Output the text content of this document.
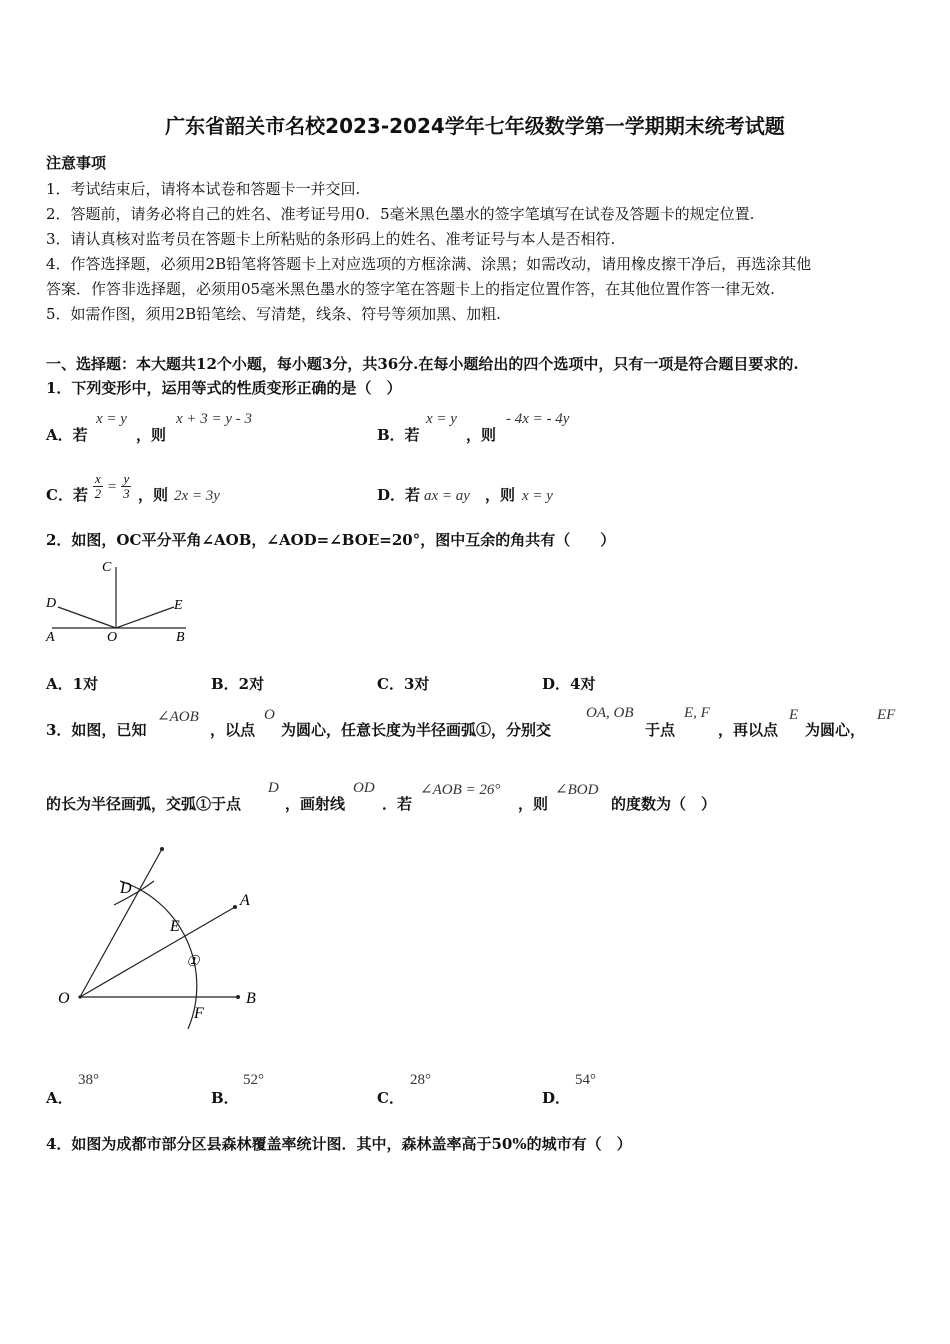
广东省韶关市名校2023-2024学年七年级数学第一学期期末统考试题
注意事项
1．考试结束后，请将本试卷和答题卡一并交回.
2．答题前，请务必将自己的姓名、准考证号用0．5毫米黑色墨水的签字笔填写在试卷及答题卡的规定位置.
3．请认真核对监考员在答题卡上所粘贴的条形码上的姓名、准考证号与本人是否相符.
4．作答选择题，必须用2B铅笔将答题卡上对应选项的方框涂满、涂黑；如需改动，请用橡皮擦干净后，再选涂其他
答案．作答非选择题，必须用05毫米黑色墨水的签字笔在答题卡上的指定位置作答，在其他位置作答一律无效.
5．如需作图，须用2B铅笔绘、写清楚，线条、符号等须加黑、加粗.
一、选择题：本大题共12个小题，每小题3分，共36分.在每小题给出的四个选项中，只有一项是符合题目要求的.
1．下列变形中，运用等式的性质变形正确的是（　）
A．若
x = y
，则
x + 3 = y - 3
B．若
x = y
，则
- 4x = - 4y
C．若 $\frac{x}{2} = \frac{y}{3}$ ，则 2x = 3y	D．若 ax = ay ，则 x = y
2．如图，OC平分平角∠AOB，∠AOD=∠BOE=20°，图中互余的角共有（　　）
C
D	E
A	O	B
A．1对	B．2对	C．3对	D．4对
3．如图，已知
∠AOB
，以点
O
为圆心，任意长度为半径画弧①，分别交
OA, OB
于点
E, F
，再以点
E
为圆心，
EF
的长为半径画弧，交弧①于点
D
，画射线
OD
．若
∠AOB = 26°
，则
∠BOD
的度数为（　）
D
E
A
①
O	B
F
A．
38°
B．
52°
C．
28°
D．
54°
4．如图为成都市部分区县森林覆盖率统计图．其中，森林盖率高于50%的城市有（　）
